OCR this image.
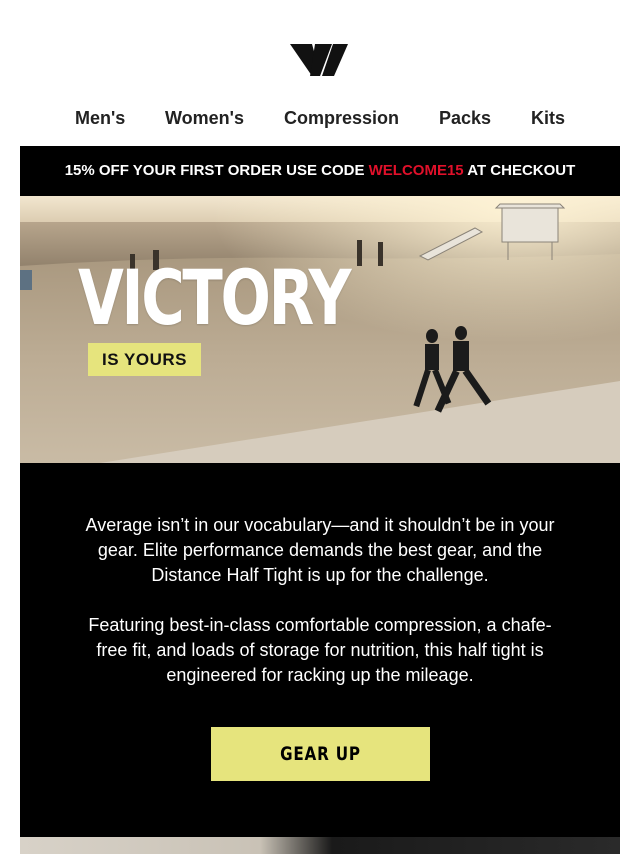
Men's Women's Compression Packs Kits
15% OFF YOUR FIRST ORDER USE CODE WELCOME15 AT CHECKOUT
VICTORY
IS YOURS

Average isn’t in our vocabulary—and it shouldn’t be in your gear. Elite performance demands the best gear, and the Distance Half Tight is up for the challenge.

Featuring best-in-class comfortable compression, a chafe-free fit, and loads of storage for nutrition, this half tight is engineered for racking up the mileage.

GEAR UP
